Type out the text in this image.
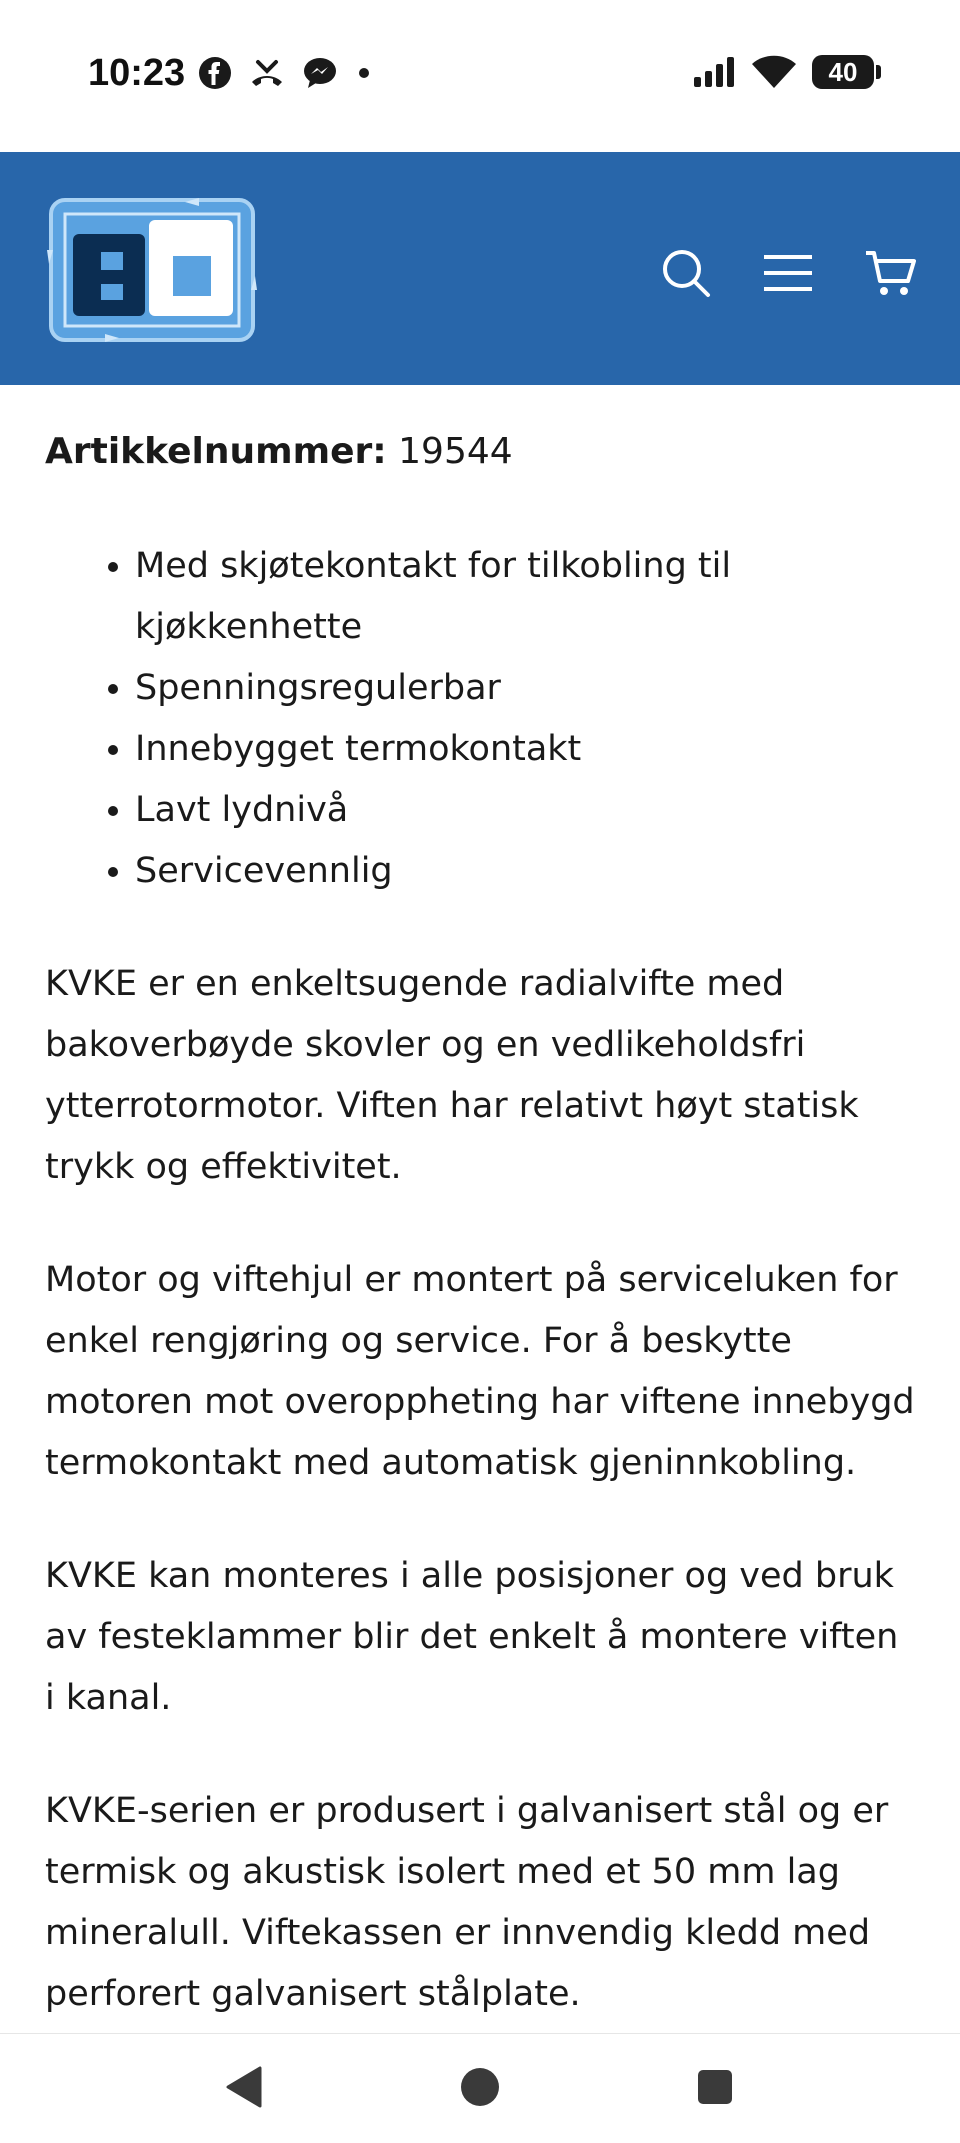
10:23	40

Artikkelnummer: 19544

• Med skjøtekontakt for tilkobling til kjøkkenhette
• Spenningsregulerbar
• Innebygget termokontakt
• Lavt lydnivå
• Servicevennlig

KVKE er en enkeltsugende radialvifte med bakoverbøyde skovler og en vedlikeholdsfri ytterrotormotor. Viften har relativt høyt statisk trykk og effektivitet.

Motor og viftehjul er montert på serviceluken for enkel rengjøring og service. For å beskytte motoren mot overoppheting har viftene innebygd termokontakt med automatisk gjeninnkobling.

KVKE kan monteres i alle posisjoner og ved bruk av festeklammer blir det enkelt å montere viften i kanal.

KVKE-serien er produsert i galvanisert stål og er termisk og akustisk isolert med et 50 mm lag mineralull. Viftekassen er innvendig kledd med perforert galvanisert stålplate.
